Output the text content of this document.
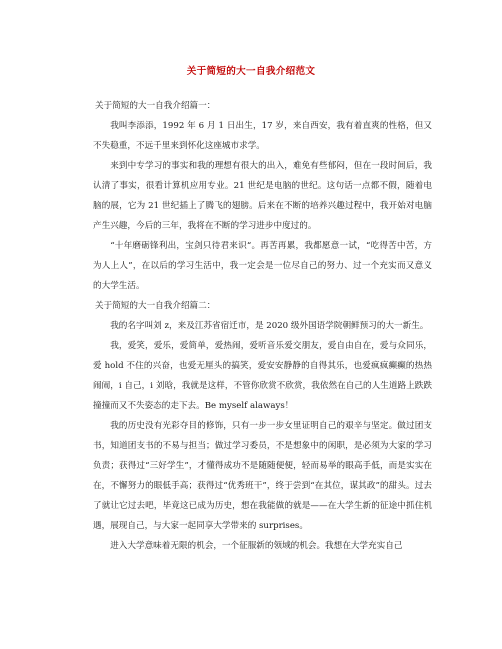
关于简短的大一自我介绍范文

关于简短的大一自我介绍篇一：

我叫李添添，1992 年 6 月 1 日出生，17 岁，来自西安，我有着直爽的性格，但又不失稳重，不远千里来到怀化这座城市求学。

来到中专学习的事实和我的理想有很大的出入，难免有些郁闷，但在一段时间后，我认清了事实，很看计算机应用专业。21 世纪是电脑的世纪。这句话一点都不假，随着电脑的展，它为 21 世纪插上了腾飞的翅膀。后来在不断的培养兴趣过程中，我开始对电脑产生兴趣，今后的三年，我将在不断的学习进步中度过的。

“十年磨砺锋利出，宝剑只待君来识“。再苦再累，我都愿意一试，“吃得苦中苦，方为人上人”，在以后的学习生活中，我一定会是一位尽自己的努力、过一个充实而又意义的大学生活。

关于简短的大一自我介绍篇二：

我的名字叫刘 z，来及江苏省宿迁市，是 2020 级外国语学院朝鲜预习的大一新生。

我，爱笑，爱乐，爱简单，爱热闹，爱听音乐爱交朋友，爱自由自在，爱与众同乐，爱 hold 不住的兴奋，也爱无厘头的搞笑，爱安安静静的自得其乐，也爱疯疯癫癫的热热闹闹，i 自己，i 刘晗，我就是这样，不管你欣赏不欣赏，我依然在自己的人生道路上跌跌撞撞而又不失姿态的走下去。Be myself alaways！

我的历史没有光彩夺目的修饰，只有一步一步女里证明自己的艰辛与坚定。做过团支书，知道团支书的不易与担当；做过学习委员，不是想象中的闲职，是必须为大家的学习负责；获得过“三好学生”，才懂得成功不是随随便便，轻而易举的眼高手低，而是实实在在，不懈努力的眼低手高；获得过“优秀班干”，终于尝到“在其位，谋其政”的甜头。过去了就让它过去吧，毕竟这已成为历史，想在我能做的就是——在大学生新的征途中抓住机遇，展现自己，与大家一起同享大学带来的 surprises。

进入大学意味着无限的机会，一个征服新的领域的机会。我想在大学充实自己
